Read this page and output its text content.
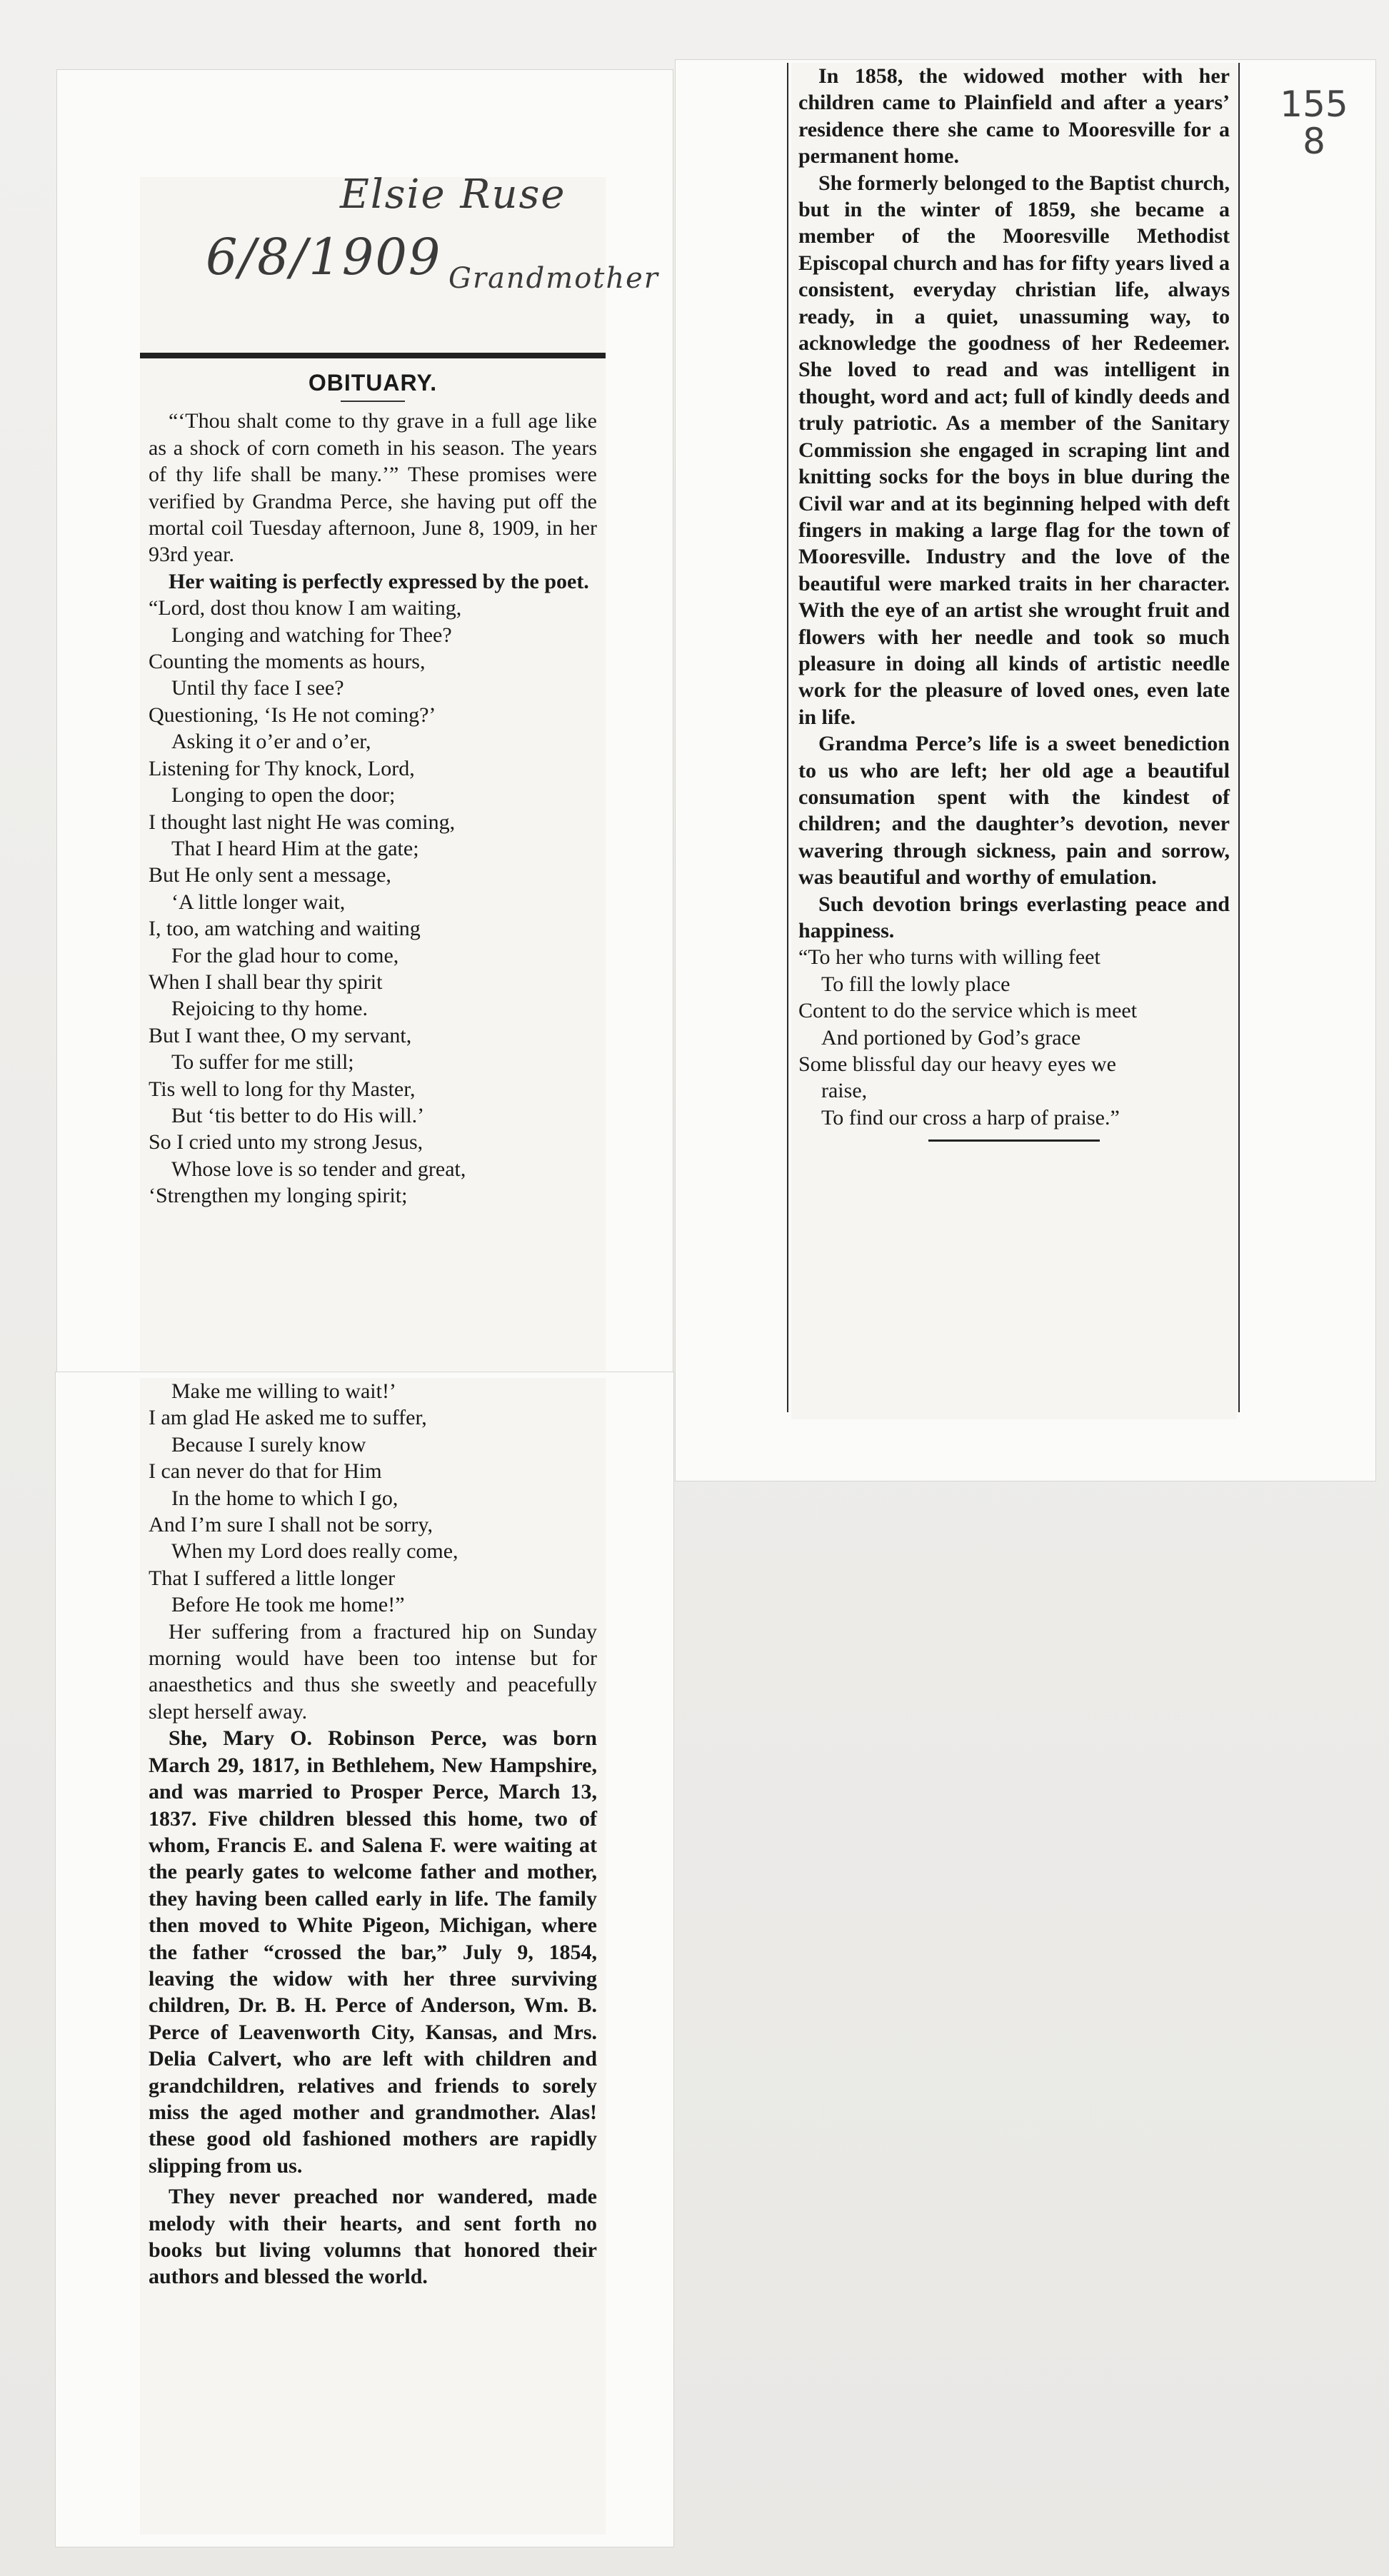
155
8
Elsie Ruse
6/8/1909 Grandmother
OBITUARY.

“‘Thou shalt come to thy grave in a full age like as a shock of corn cometh in his season. The years of thy life shall be many.’” These promises were verified by Grandma Perce, she having put off the mortal coil Tuesday afternoon, June 8, 1909, in her 93rd year.

Her waiting is perfectly expressed by the poet.

“Lord, dost thou know I am waiting,
Longing and watching for Thee?
Counting the moments as hours,
Until thy face I see?
Questioning, ‘Is He not coming?’
Asking it o’er and o’er,
Listening for Thy knock, Lord,
Longing to open the door;
I thought last night He was coming,
That I heard Him at the gate;
But He only sent a message,
‘A little longer wait,
I, too, am watching and waiting
For the glad hour to come,
When I shall bear thy spirit
Rejoicing to thy home.
But I want thee, O my servant,
To suffer for me still;
Tis well to long for thy Master,
But ‘tis better to do His will.’
So I cried unto my strong Jesus,
Whose love is so tender and great,
‘Strengthen my longing spirit;
Make me willing to wait!’
I am glad He asked me to suffer,
Because I surely know
I can never do that for Him
In the home to which I go,
And I’m sure I shall not be sorry,
When my Lord does really come,
That I suffered a little longer
Before He took me home!”

Her suffering from a fractured hip on Sunday morning would have been too intense but for anaesthetics and thus she sweetly and peacefully slept herself away.

She, Mary O. Robinson Perce, was born March 29, 1817, in Bethlehem, New Hampshire, and was married to Prosper Perce, March 13, 1837. Five children blessed this home, two of whom, Francis E. and Salena F. were waiting at the pearly gates to welcome father and mother, they having been called early in life. The family then moved to White Pigeon, Michigan, where the father “crossed the bar,” July 9, 1854, leaving the widow with her three surviving children, Dr. B. H. Perce of Anderson, Wm. B. Perce of Leavenworth City, Kansas, and Mrs. Delia Calvert, who are left with children and grandchildren, relatives and friends to sorely miss the aged mother and grandmother. Alas! these good old fashioned mothers are rapidly slipping from us.

They never preached nor wandered, made melody with their hearts, and sent forth no books but living volumns that honored their authors and blessed the world.

In 1858, the widowed mother with her children came to Plainfield and after a years’ residence there she came to Mooresville for a permanent home.

She formerly belonged to the Baptist church, but in the winter of 1859, she became a member of the Mooresville Methodist Episcopal church and has for fifty years lived a consistent, everyday christian life, always ready, in a quiet, unassuming way, to acknowledge the goodness of her Redeemer. She loved to read and was intelligent in thought, word and act; full of kindly deeds and truly patriotic. As a member of the Sanitary Commission she engaged in scraping lint and knitting socks for the boys in blue during the Civil war and at its beginning helped with deft fingers in making a large flag for the town of Mooresville. Industry and the love of the beautiful were marked traits in her character. With the eye of an artist she wrought fruit and flowers with her needle and took so much pleasure in doing all kinds of artistic needle work for the pleasure of loved ones, even late in life.

Grandma Perce’s life is a sweet benediction to us who are left; her old age a beautiful consumation spent with the kindest of children; and the daughter’s devotion, never wavering through sickness, pain and sorrow, was beautiful and worthy of emulation.

Such devotion brings everlasting peace and happiness.

“To her who turns with willing feet
To fill the lowly place
Content to do the service which is meet
And portioned by God’s grace
Some blissful day our heavy eyes we
raise,
To find our cross a harp of praise.”
